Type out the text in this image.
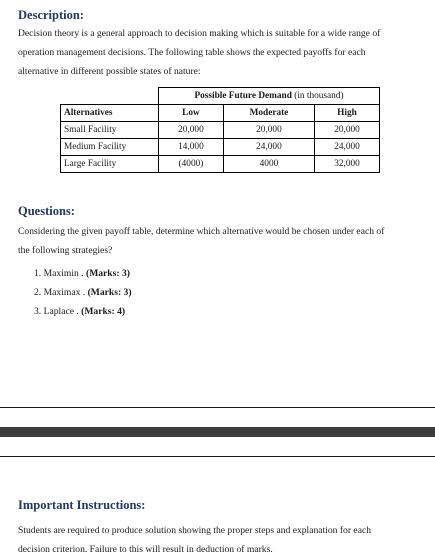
Description:
Decision theory is a general approach to decision making which is suitable for a wide range of
operation management decisions. The following table shows the expected payoffs for each
alternative in different possible states of nature:
	Possible Future Demand (in thousand)		
Alternatives	Low	Moderate	High
Small Facility	20,000	20,000	20,000
Medium Facility	14,000	24,000	24,000
Large Facility	(4000)	4000	32,000
Questions:
Considering the given payoff table, determine which alternative would be chosen under each of
the following strategies?
1. Maximin . (Marks: 3)
2. Maximax . (Marks: 3)
3. Laplace . (Marks: 4)
Important Instructions:
Students are required to produce solution showing the proper steps and explanation for each
decision criterion. Failure to this will result in deduction of marks.
